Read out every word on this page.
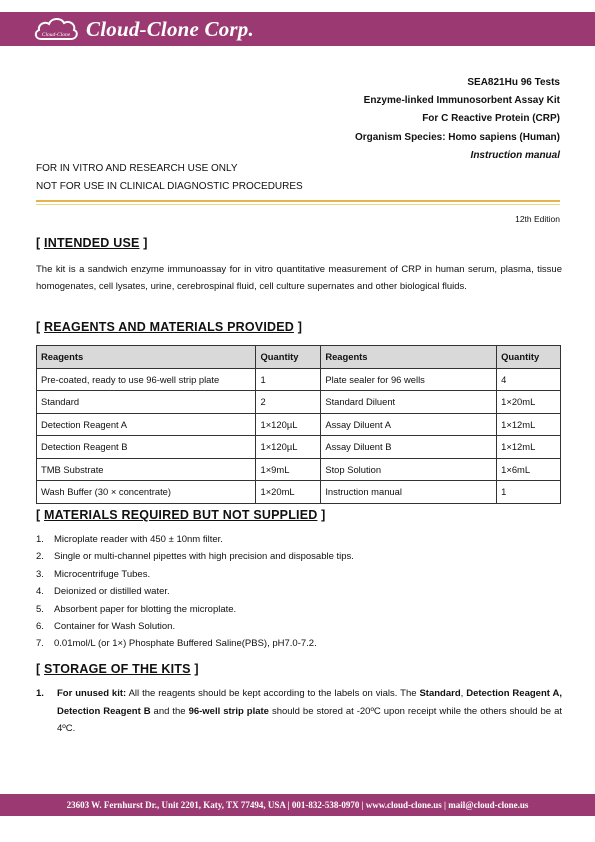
Cloud-Clone Cloud-Clone Corp.
SEA821Hu 96 Tests
Enzyme-linked Immunosorbent Assay Kit
For C Reactive Protein (CRP)
Organism Species: Homo sapiens (Human)
Instruction manual
FOR IN VITRO AND RESEARCH USE ONLY
NOT FOR USE IN CLINICAL DIAGNOSTIC PROCEDURES
12th Edition
[ INTENDED USE ]
The kit is a sandwich enzyme immunoassay for in vitro quantitative measurement of CRP in human serum, plasma, tissue homogenates, cell lysates, urine, cerebrospinal fluid, cell culture supernates and other biological fluids.
[ REAGENTS AND MATERIALS PROVIDED ]
Reagents	Quantity	Reagents	Quantity
Pre-coated, ready to use 96-well strip plate	1	Plate sealer for 96 wells	4
Standard	2	Standard Diluent	1×20mL
Detection Reagent A	1×120µL	Assay Diluent A	1×12mL
Detection Reagent B	1×120µL	Assay Diluent B	1×12mL
TMB Substrate	1×9mL	Stop Solution	1×6mL
Wash Buffer (30 × concentrate)	1×20mL	Instruction manual	1
[ MATERIALS REQUIRED BUT NOT SUPPLIED ]
1. Microplate reader with 450 ± 10nm filter.
2. Single or multi-channel pipettes with high precision and disposable tips.
3. Microcentrifuge Tubes.
4. Deionized or distilled water.
5. Absorbent paper for blotting the microplate.
6. Container for Wash Solution.
7. 0.01mol/L (or 1×) Phosphate Buffered Saline(PBS), pH7.0-7.2.
[ STORAGE OF THE KITS ]
1. For unused kit: All the reagents should be kept according to the labels on vials. The Standard, Detection Reagent A, Detection Reagent B and the 96-well strip plate should be stored at -20ºC upon receipt while the others should be at 4ºC.
23603 W. Fernhurst Dr., Unit 2201, Katy, TX 77494, USA | 001-832-538-0970 | www.cloud-clone.us | mail@cloud-clone.us
